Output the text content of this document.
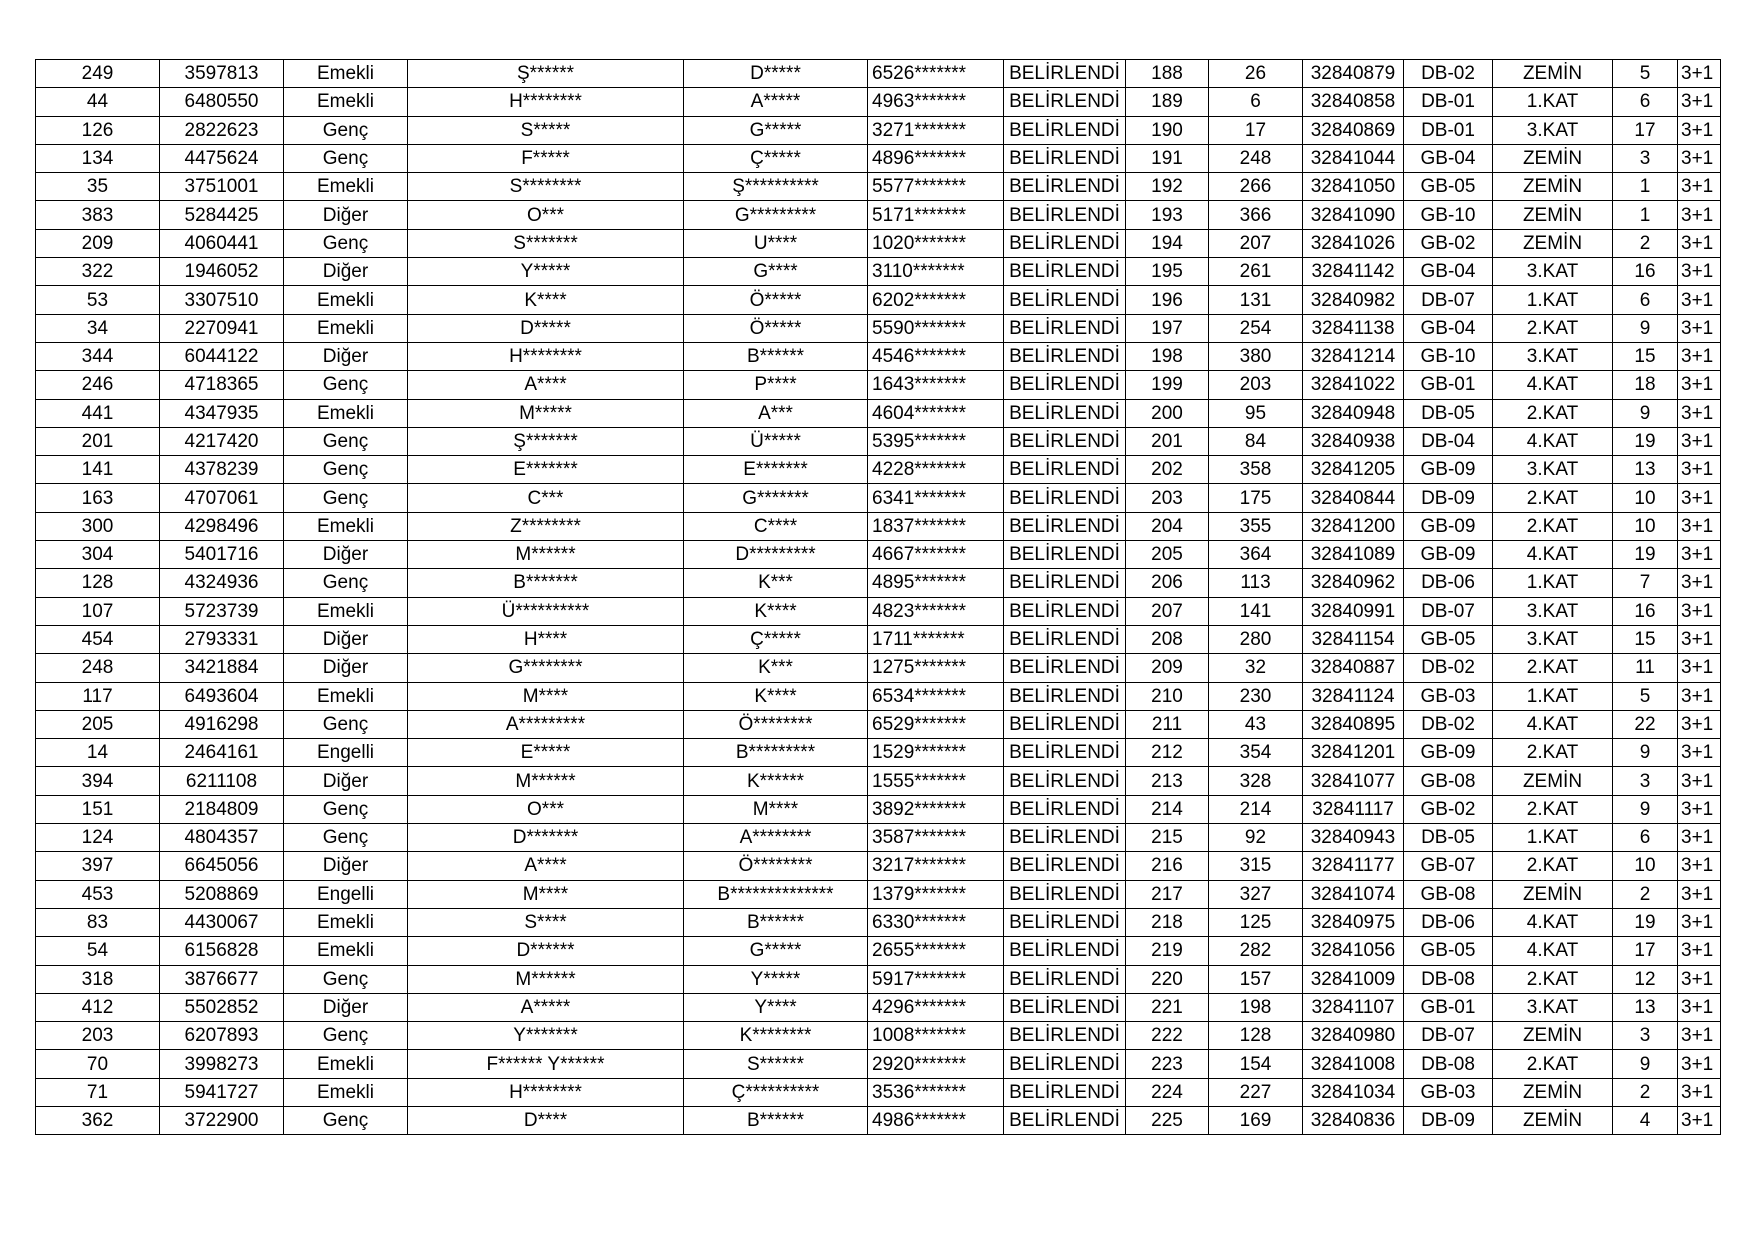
249	3597813	Emekli	Ş******	D*****	6526*******	BELİRLENDİ	188	26	32840879	DB-02	ZEMİN	5	3+1
44	6480550	Emekli	H********	A*****	4963*******	BELİRLENDİ	189	6	32840858	DB-01	1.KAT	6	3+1
126	2822623	Genç	S*****	G*****	3271*******	BELİRLENDİ	190	17	32840869	DB-01	3.KAT	17	3+1
134	4475624	Genç	F*****	Ç*****	4896*******	BELİRLENDİ	191	248	32841044	GB-04	ZEMİN	3	3+1
35	3751001	Emekli	S********	Ş**********	5577*******	BELİRLENDİ	192	266	32841050	GB-05	ZEMİN	1	3+1
383	5284425	Diğer	O***	G*********	5171*******	BELİRLENDİ	193	366	32841090	GB-10	ZEMİN	1	3+1
209	4060441	Genç	S*******	U****	1020*******	BELİRLENDİ	194	207	32841026	GB-02	ZEMİN	2	3+1
322	1946052	Diğer	Y*****	G****	3110*******	BELİRLENDİ	195	261	32841142	GB-04	3.KAT	16	3+1
53	3307510	Emekli	K****	Ö*****	6202*******	BELİRLENDİ	196	131	32840982	DB-07	1.KAT	6	3+1
34	2270941	Emekli	D*****	Ö*****	5590*******	BELİRLENDİ	197	254	32841138	GB-04	2.KAT	9	3+1
344	6044122	Diğer	H********	B******	4546*******	BELİRLENDİ	198	380	32841214	GB-10	3.KAT	15	3+1
246	4718365	Genç	A****	P****	1643*******	BELİRLENDİ	199	203	32841022	GB-01	4.KAT	18	3+1
441	4347935	Emekli	M*****	A***	4604*******	BELİRLENDİ	200	95	32840948	DB-05	2.KAT	9	3+1
201	4217420	Genç	Ş*******	Ü*****	5395*******	BELİRLENDİ	201	84	32840938	DB-04	4.KAT	19	3+1
141	4378239	Genç	E*******	E*******	4228*******	BELİRLENDİ	202	358	32841205	GB-09	3.KAT	13	3+1
163	4707061	Genç	C***	G*******	6341*******	BELİRLENDİ	203	175	32840844	DB-09	2.KAT	10	3+1
300	4298496	Emekli	Z********	C****	1837*******	BELİRLENDİ	204	355	32841200	GB-09	2.KAT	10	3+1
304	5401716	Diğer	M******	D*********	4667*******	BELİRLENDİ	205	364	32841089	GB-09	4.KAT	19	3+1
128	4324936	Genç	B*******	K***	4895*******	BELİRLENDİ	206	113	32840962	DB-06	1.KAT	7	3+1
107	5723739	Emekli	Ü**********	K****	4823*******	BELİRLENDİ	207	141	32840991	DB-07	3.KAT	16	3+1
454	2793331	Diğer	H****	Ç*****	1711*******	BELİRLENDİ	208	280	32841154	GB-05	3.KAT	15	3+1
248	3421884	Diğer	G********	K***	1275*******	BELİRLENDİ	209	32	32840887	DB-02	2.KAT	11	3+1
117	6493604	Emekli	M****	K****	6534*******	BELİRLENDİ	210	230	32841124	GB-03	1.KAT	5	3+1
205	4916298	Genç	A*********	Ö********	6529*******	BELİRLENDİ	211	43	32840895	DB-02	4.KAT	22	3+1
14	2464161	Engelli	E*****	B*********	1529*******	BELİRLENDİ	212	354	32841201	GB-09	2.KAT	9	3+1
394	6211108	Diğer	M******	K******	1555*******	BELİRLENDİ	213	328	32841077	GB-08	ZEMİN	3	3+1
151	2184809	Genç	O***	M****	3892*******	BELİRLENDİ	214	214	32841117	GB-02	2.KAT	9	3+1
124	4804357	Genç	D*******	A********	3587*******	BELİRLENDİ	215	92	32840943	DB-05	1.KAT	6	3+1
397	6645056	Diğer	A****	Ö********	3217*******	BELİRLENDİ	216	315	32841177	GB-07	2.KAT	10	3+1
453	5208869	Engelli	M****	B**************	1379*******	BELİRLENDİ	217	327	32841074	GB-08	ZEMİN	2	3+1
83	4430067	Emekli	S****	B******	6330*******	BELİRLENDİ	218	125	32840975	DB-06	4.KAT	19	3+1
54	6156828	Emekli	D******	G*****	2655*******	BELİRLENDİ	219	282	32841056	GB-05	4.KAT	17	3+1
318	3876677	Genç	M******	Y*****	5917*******	BELİRLENDİ	220	157	32841009	DB-08	2.KAT	12	3+1
412	5502852	Diğer	A*****	Y****	4296*******	BELİRLENDİ	221	198	32841107	GB-01	3.KAT	13	3+1
203	6207893	Genç	Y*******	K********	1008*******	BELİRLENDİ	222	128	32840980	DB-07	ZEMİN	3	3+1
70	3998273	Emekli	F****** Y******	S******	2920*******	BELİRLENDİ	223	154	32841008	DB-08	2.KAT	9	3+1
71	5941727	Emekli	H********	Ç**********	3536*******	BELİRLENDİ	224	227	32841034	GB-03	ZEMİN	2	3+1
362	3722900	Genç	D****	B******	4986*******	BELİRLENDİ	225	169	32840836	DB-09	ZEMİN	4	3+1
